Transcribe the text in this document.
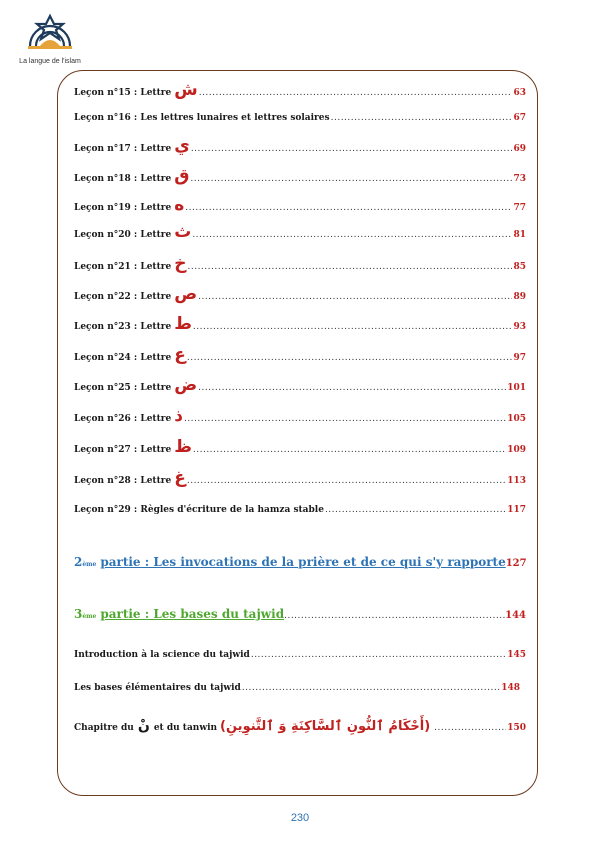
La langue de l'islam
Leçon n°15 : Lettre ش .....	63
Leçon n°16 : Les lettres lunaires et lettres solaires .....	67
Leçon n°17 : Lettre ي .....	69
Leçon n°18 : Lettre ق .....	73
Leçon n°19 : Lettre ه .....	77
Leçon n°20 : Lettre ث .....	81
Leçon n°21 : Lettre خ .....	85
Leçon n°22 : Lettre ص .....	89
Leçon n°23 : Lettre ط .....	93
Leçon n°24 : Lettre ع .....	97
Leçon n°25 : Lettre ض .....	101
Leçon n°26 : Lettre ذ .....	105
Leçon n°27 : Lettre ظ .....	109
Leçon n°28 : Lettre غ .....	113
Leçon n°29 : Règles d'écriture de la hamza stable .....	117
$2_{ème}$ partie : Les invocations de la prière et de ce qui s'y rapporte 127
$3_{ème}$ partie : Les bases du tajwid .....	144
Introduction à la science du tajwid .....	145
Les bases élémentaires du tajwid .....	148
Chapitre du نْ et du tanwin (أَحْكَامُ ٱلنُّونِ ٱلسَّاكِنَةِ وَ ٱلتَّنوِينِ) .....	150
230
